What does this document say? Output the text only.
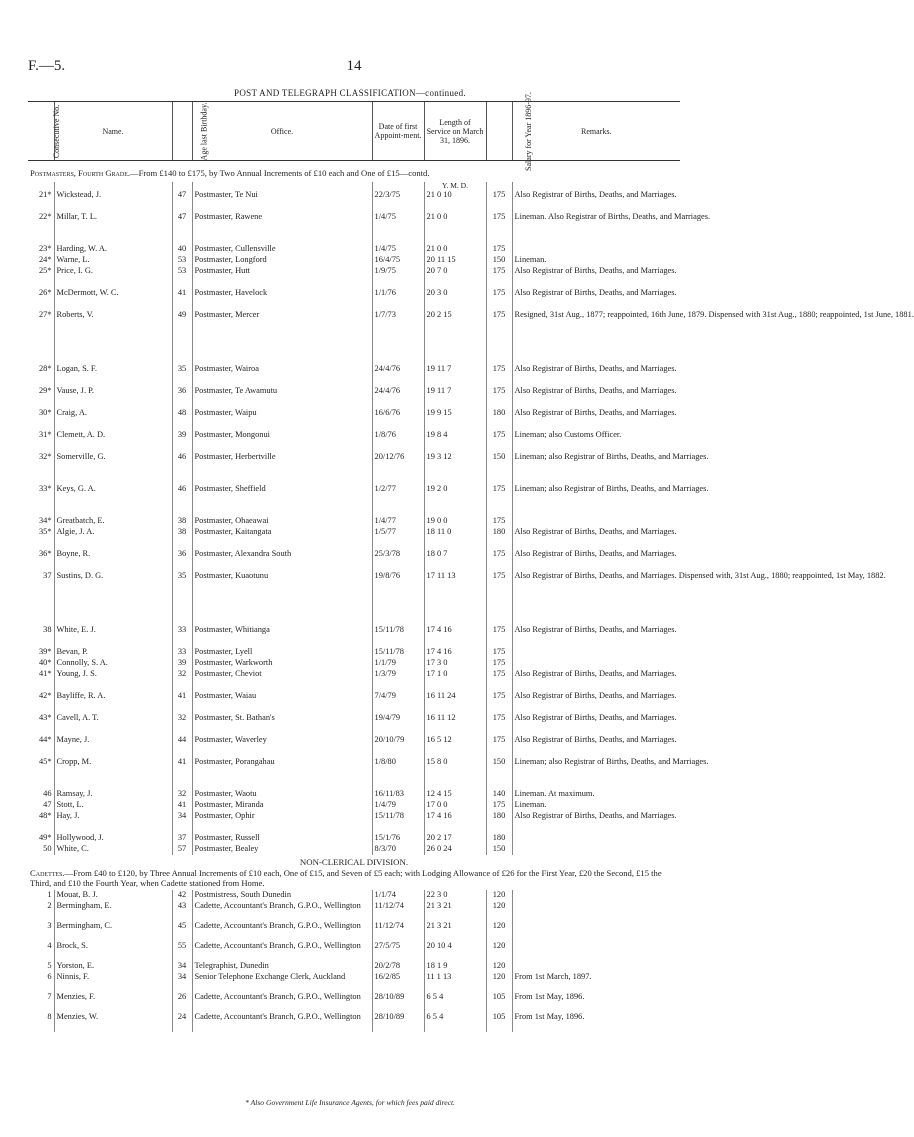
F.—5.	14
POST AND TELEGRAPH CLASSIFICATION—continued.
Consecutive No.	Name.	Age last Birthday.	Office.	Date of first Appoint-ment.	Length of Service on March 31, 1896.	Salary for Year 1896-97.	Remarks.
Postmasters, Fourth Grade.—From £140 to £175, by Two Annual Increments of £10 each and One of £15—contd.							
					Y. M. D.		
21*	Wickstead, J.	47	Postmaster, Te Nui	22/3/75	21 0 10	175	Also Registrar of Births, Deaths, and Marriages.
22*	Millar, T. L.	47	Postmaster, Rawene	1/4/75	21 0 0	175	Lineman. Also Registrar of Births, Deaths, and Marriages.
23*	Harding, W. A.	40	Postmaster, Cullensville	1/4/75	21 0 0	175	
24*	Warne, L.	53	Postmaster, Longford	16/4/75	20 11 15	150	Lineman.
25*	Price, I. G.	53	Postmaster, Hutt	1/9/75	20 7 0	175	Also Registrar of Births, Deaths, and Marriages.
26*	McDermott, W. C.	41	Postmaster, Havelock	1/1/76	20 3 0	175	Also Registrar of Births, Deaths, and Marriages.
27*	Roberts, V.	49	Postmaster, Mercer	1/7/73	20 2 15	175	Resigned, 31st Aug., 1877; reappointed, 16th June, 1879. Dispensed with 31st Aug., 1880; reappointed, 1st June, 1881.
28*	Logan, S. F.	35	Postmaster, Wairoa	24/4/76	19 11 7	175	Also Registrar of Births, Deaths, and Marriages.
29*	Vause, J. P.	36	Postmaster, Te Awamutu	24/4/76	19 11 7	175	Also Registrar of Births, Deaths, and Marriages.
30*	Craig, A.	48	Postmaster, Waipu	16/6/76	19 9 15	180	Also Registrar of Births, Deaths, and Marriages.
31*	Clemett, A. D.	39	Postmaster, Mongonui	1/8/76	19 8 4	175	Lineman; also Customs Officer.
32*	Somerville, G.	46	Postmaster, Herbertville	20/12/76	19 3 12	150	Lineman; also Registrar of Births, Deaths, and Marriages.
33*	Keys, G. A.	46	Postmaster, Sheffield	1/2/77	19 2 0	175	Lineman; also Registrar of Births, Deaths, and Marriages.
34*	Greatbatch, E.	38	Postmaster, Ohaeawai	1/4/77	19 0 0	175	
35*	Algie, J. A.	38	Postmaster, Kaitangata	1/5/77	18 11 0	180	Also Registrar of Births, Deaths, and Marriages.
36*	Boyne, R.	36	Postmaster, Alexandra South	25/3/78	18 0 7	175	Also Registrar of Births, Deaths, and Marriages.
37	Sustins, D. G.	35	Postmaster, Kuaotunu	19/8/76	17 11 13	175	Also Registrar of Births, Deaths, and Marriages. Dispensed with, 31st Aug., 1880; reappointed, 1st May, 1882.
38	White, E. J.	33	Postmaster, Whitianga	15/11/78	17 4 16	175	Also Registrar of Births, Deaths, and Marriages.
39*	Bevan, P.	33	Postmaster, Lyell	15/11/78	17 4 16	175	
40*	Connolly, S. A.	39	Postmaster, Warkworth	1/1/79	17 3 0	175	
41*	Young, J. S.	32	Postmaster, Cheviot	1/3/79	17 1 0	175	Also Registrar of Births, Deaths, and Marriages.
42*	Bayliffe, R. A.	41	Postmaster, Waiau	7/4/79	16 11 24	175	Also Registrar of Births, Deaths, and Marriages.
43*	Cavell, A. T.	32	Postmaster, St. Bathan's	19/4/79	16 11 12	175	Also Registrar of Births, Deaths, and Marriages.
44*	Mayne, J.	44	Postmaster, Waverley	20/10/79	16 5 12	175	Also Registrar of Births, Deaths, and Marriages.
45*	Cropp, M.	41	Postmaster, Porangahau	1/8/80	15 8 0	150	Lineman; also Registrar of Births, Deaths, and Marriages.
46	Ramsay, J.	32	Postmaster, Waotu	16/11/83	12 4 15	140	Lineman. At maximum.
47	Stott, L.	41	Postmaster, Miranda	1/4/79	17 0 0	175	Lineman.
48*	Hay, J.	34	Postmaster, Ophir	15/11/78	17 4 16	180	Also Registrar of Births, Deaths, and Marriages.
49*	Hollywood, J.	37	Postmaster, Russell	15/1/76	20 2 17	180	
50	White, C.	57	Postmaster, Bealey	8/3/70	26 0 24	150	
NON-CLERICAL DIVISION.							
Cadettes.—From £40 to £120, by Three Annual Increments of £10 each, One of £15, and Seven of £5 each; with Lodging Allowance of £26 for the First Year, £20 the Second, £15 the Third, and £10 the Fourth Year, when Cadette stationed from Home.							
1	Mouat, B. J.	42	Postmistress, South Dunedin	1/1/74	22 3 0	120	
2	Bermingham, E.	43	Cadette, Accountant's Branch, G.P.O., Wellington	11/12/74	21 3 21	120	
3	Bermingham, C.	45	Cadette, Accountant's Branch, G.P.O., Wellington	11/12/74	21 3 21	120	
4	Brock, S.	55	Cadette, Accountant's Branch, G.P.O., Wellington	27/5/75	20 10 4	120	
5	Yorston, E.	34	Telegraphist, Dunedin	20/2/78	18 1 9	120	
6	Ninnis, F.	34	Senior Telephone Exchange Clerk, Auckland	16/2/85	11 1 13	120	From 1st March, 1897.
7	Menzies, F.	26	Cadette, Accountant's Branch, G.P.O., Wellington	28/10/89	6 5 4	105	From 1st May, 1896.
8	Menzies, W.	24	Cadette, Accountant's Branch, G.P.O., Wellington	28/10/89	6 5 4	105	From 1st May, 1896.
* Also Government Life Insurance Agents, for which fees paid direct.
